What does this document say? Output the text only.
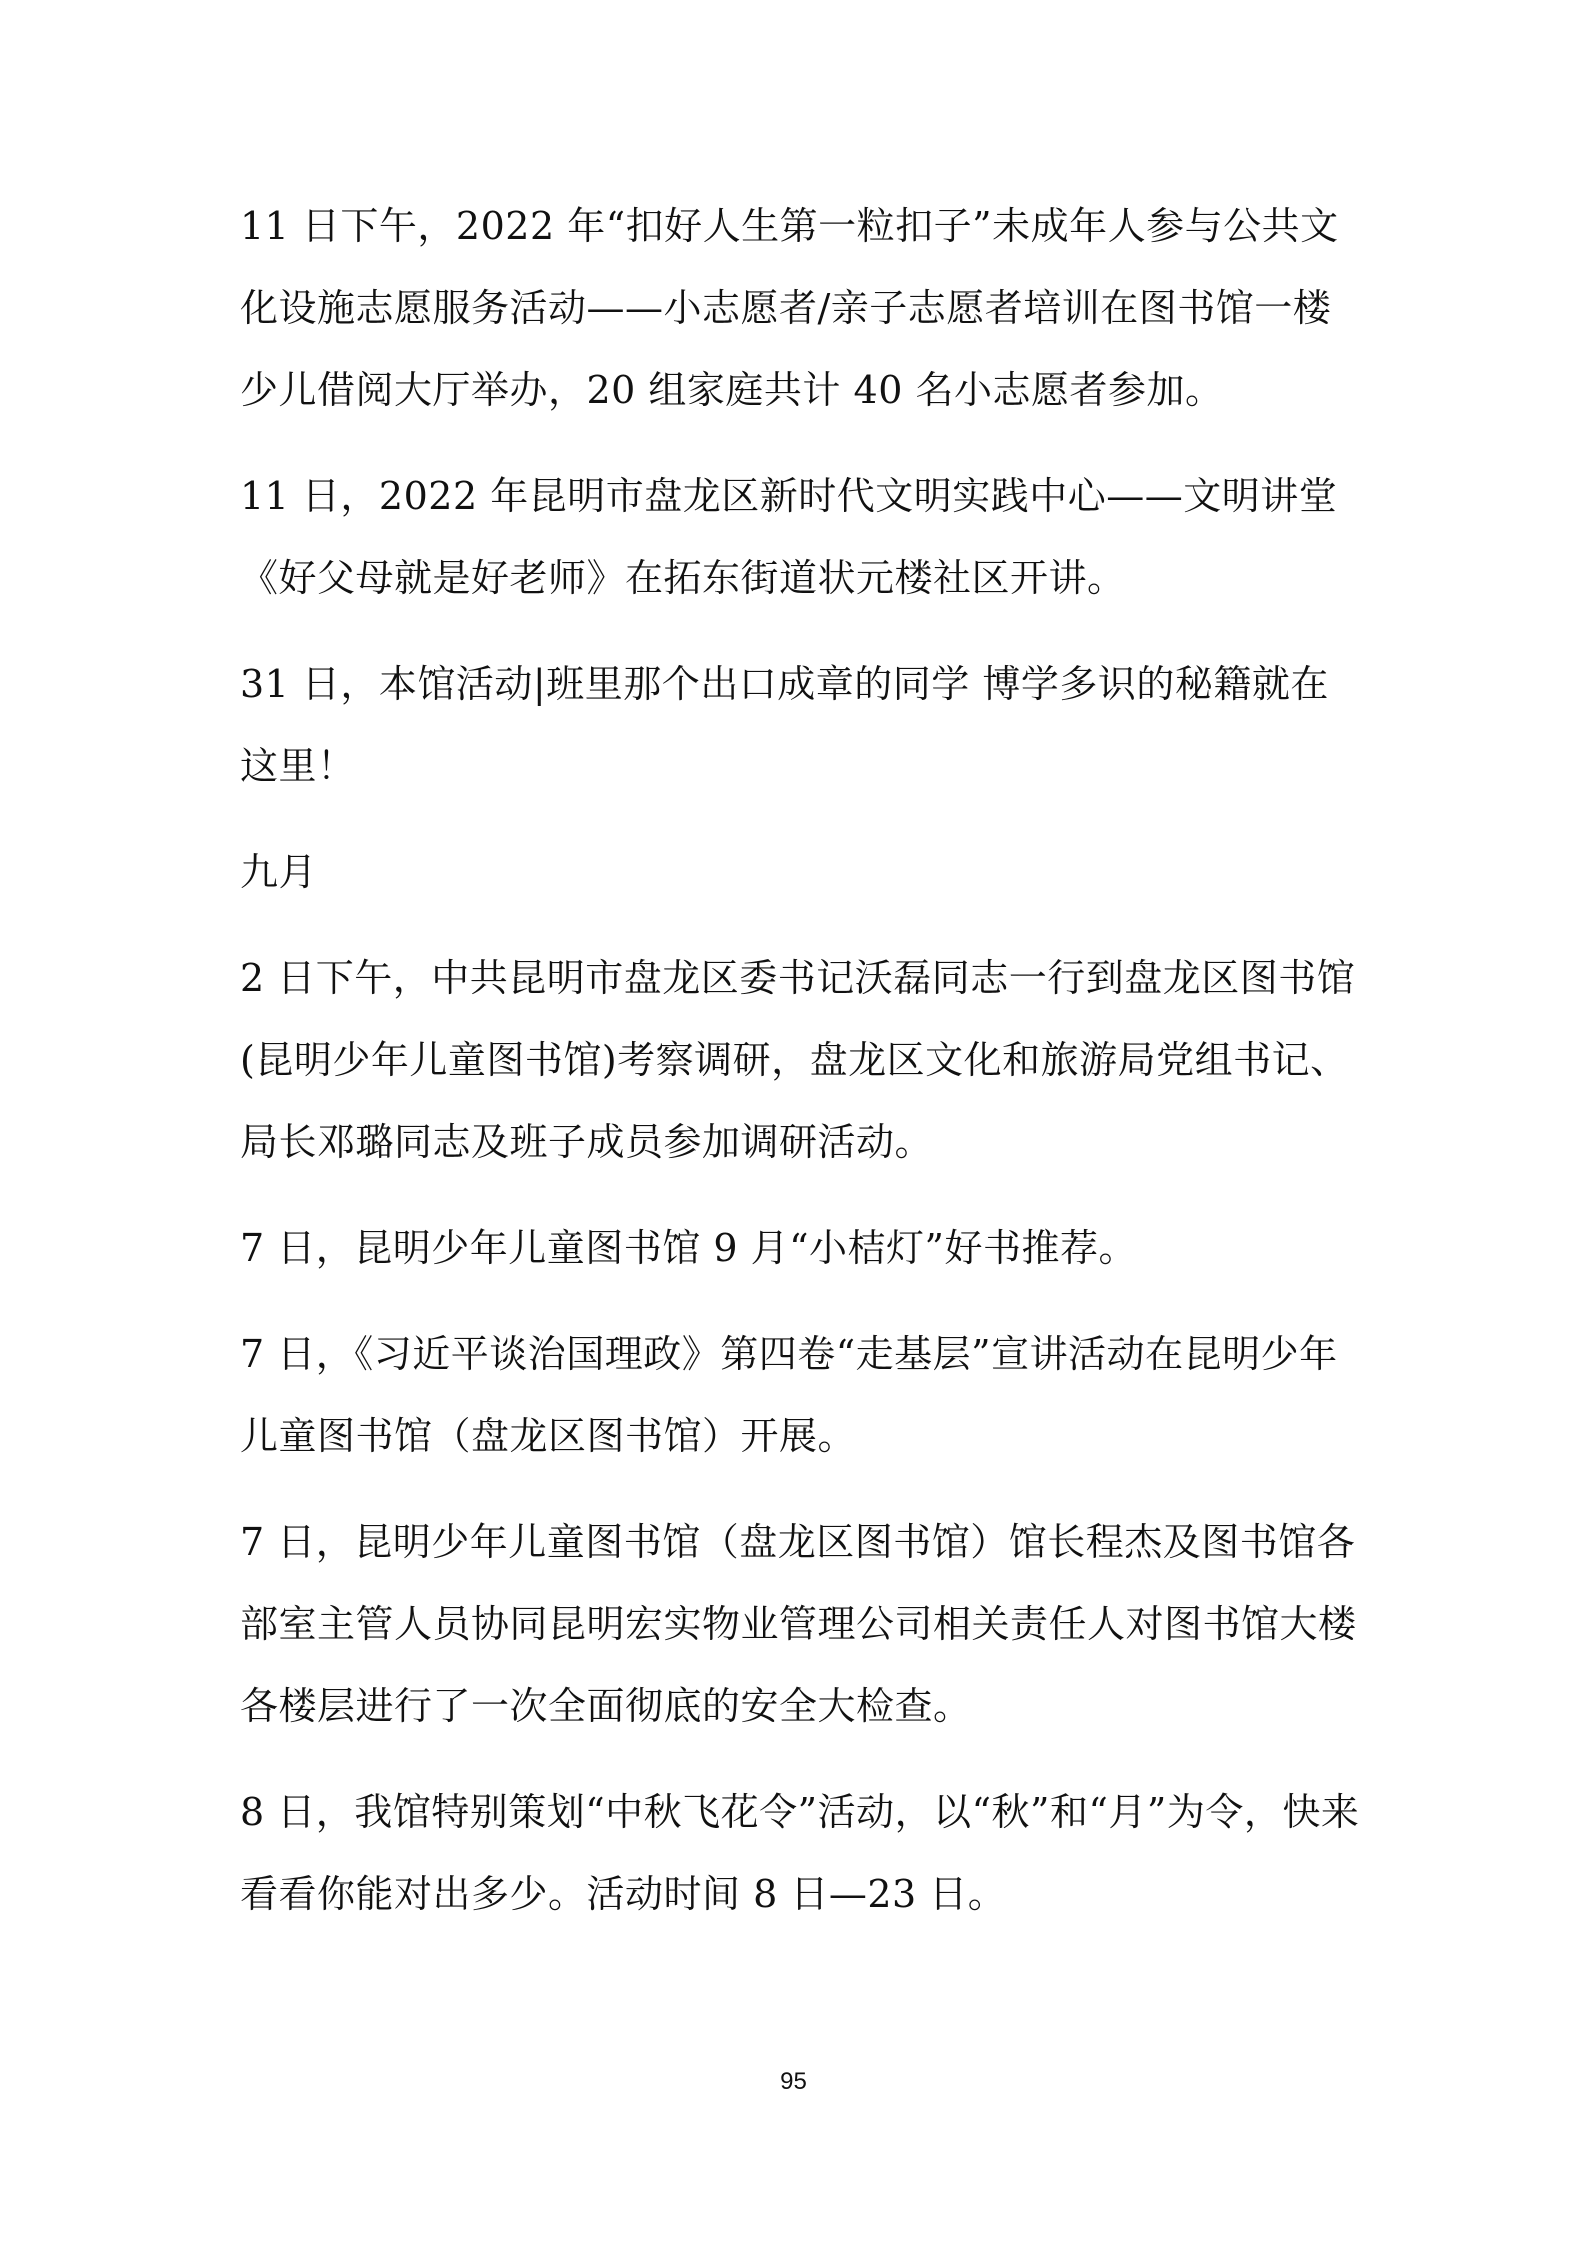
11 日下午，2022 年“扣好人生第一粒扣子”未成年人参与公共文化设施志愿服务活动——小志愿者/亲子志愿者培训在图书馆一楼少儿借阅大厅举办，20 组家庭共计 40 名小志愿者参加。

11 日，2022 年昆明市盘龙区新时代文明实践中心——文明讲堂《好父母就是好老师》在拓东街道状元楼社区开讲。

31 日，本馆活动|班里那个出口成章的同学 博学多识的秘籍就在这里！

九月

2 日下午，中共昆明市盘龙区委书记沃磊同志一行到盘龙区图书馆(昆明少年儿童图书馆)考察调研，盘龙区文化和旅游局党组书记、局长邓璐同志及班子成员参加调研活动。

7 日，昆明少年儿童图书馆 9 月“小桔灯”好书推荐。

7 日，《习近平谈治国理政》第四卷“走基层”宣讲活动在昆明少年儿童图书馆（盘龙区图书馆）开展。

7 日，昆明少年儿童图书馆（盘龙区图书馆）馆长程杰及图书馆各部室主管人员协同昆明宏实物业管理公司相关责任人对图书馆大楼各楼层进行了一次全面彻底的安全大检查。

8 日，我馆特别策划“中秋飞花令”活动，以“秋”和“月”为令，快来看看你能对出多少。活动时间 8 日—23 日。

95
